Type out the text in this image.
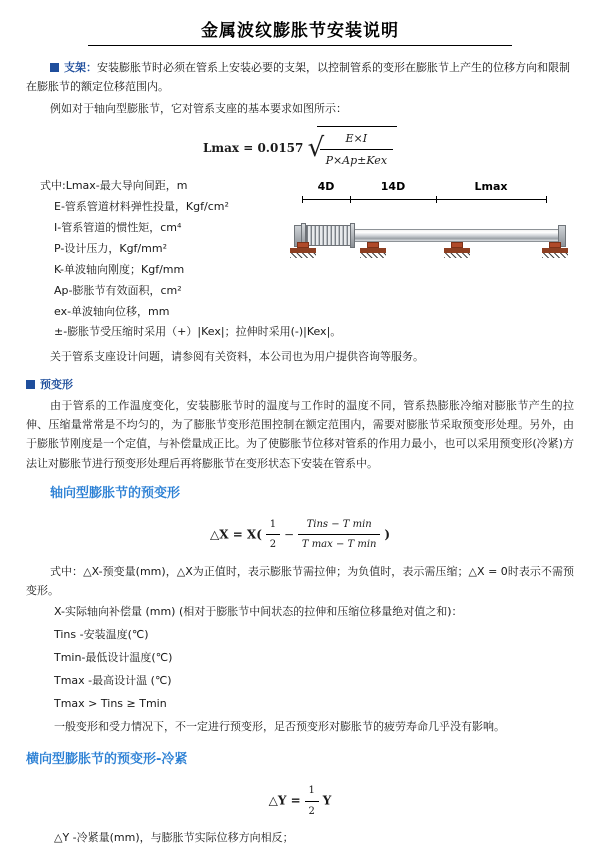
金属波纹膨胀节安装说明

支架：安装膨胀节时必须在管系上安装必要的支架，以控制管系的变形在膨胀节上产生的位移方向和限制在膨胀节的额定位移范围内。

例如对于轴向型膨胀节，它对管系支座的基本要求如图所示：

Lmax = 0.0157 √
$\frac{E\times I}{\text{P×Ap±Kex}}$
4D	14D	Lmax
式中:Lmax-最大导向间距，m
E-管系管道材料弹性投量，Kgf/cm²
I-管系管道的惯性矩，cm⁴
P-设计压力，Kgf/mm²
K-单波轴向刚度；Kgf/mm
Ap-膨胀节有效面积，cm²
ex-单波轴向位移，mm
±-膨胀节受压缩时采用（+）|Kex|；拉伸时采用(-)|Kex|。

关于管系支座设计问题，请参阅有关资料，本公司也为用户提供咨询等服务。

预变形

由于管系的工作温度变化，安装膨胀节时的温度与工作时的温度不同，管系热膨胀冷缩对膨胀节产生的拉伸、压缩量常常是不均匀的，为了膨胀节变形范围控制在额定范围内，需要对膨胀节采取预变形处理。另外，由于膨胀节刚度是一个定值，与补偿量成正比。为了使膨胀节位移对管系的作用力最小，也可以采用预变形(冷紧)方法让对膨胀节进行预变形处理后再将膨胀节在变形状态下安装在管系中。

轴向型膨胀节的预变形

△X = $X( \frac{1}{2} - \frac{\text{Tins − T min}}{\text{T max − T min}}$ )

式中：△X-预变量(mm)，△X为正值时，表示膨胀节需拉伸；为负值时，表示需压缩；△X = 0时表示不需预变形。

X-实际轴向补偿量 (mm) (相对于膨胀节中间状态的拉伸和压缩位移量绝对值之和)：

Tins -安装温度(℃)

Tmin-最低设计温度(℃)

Tmax -最高设计温 (℃)

Tmax > Tins ≥ Tmin

一般变形和受力情况下，不一定进行预变形，足否预变形对膨胀节的疲劳寿命几乎没有影响。

横向型膨胀节的预变形-冷紧

△Y = $\frac{1}{2}$ Y

△Y -冷紧量(mm)，与膨胀节实际位移方向相反；
